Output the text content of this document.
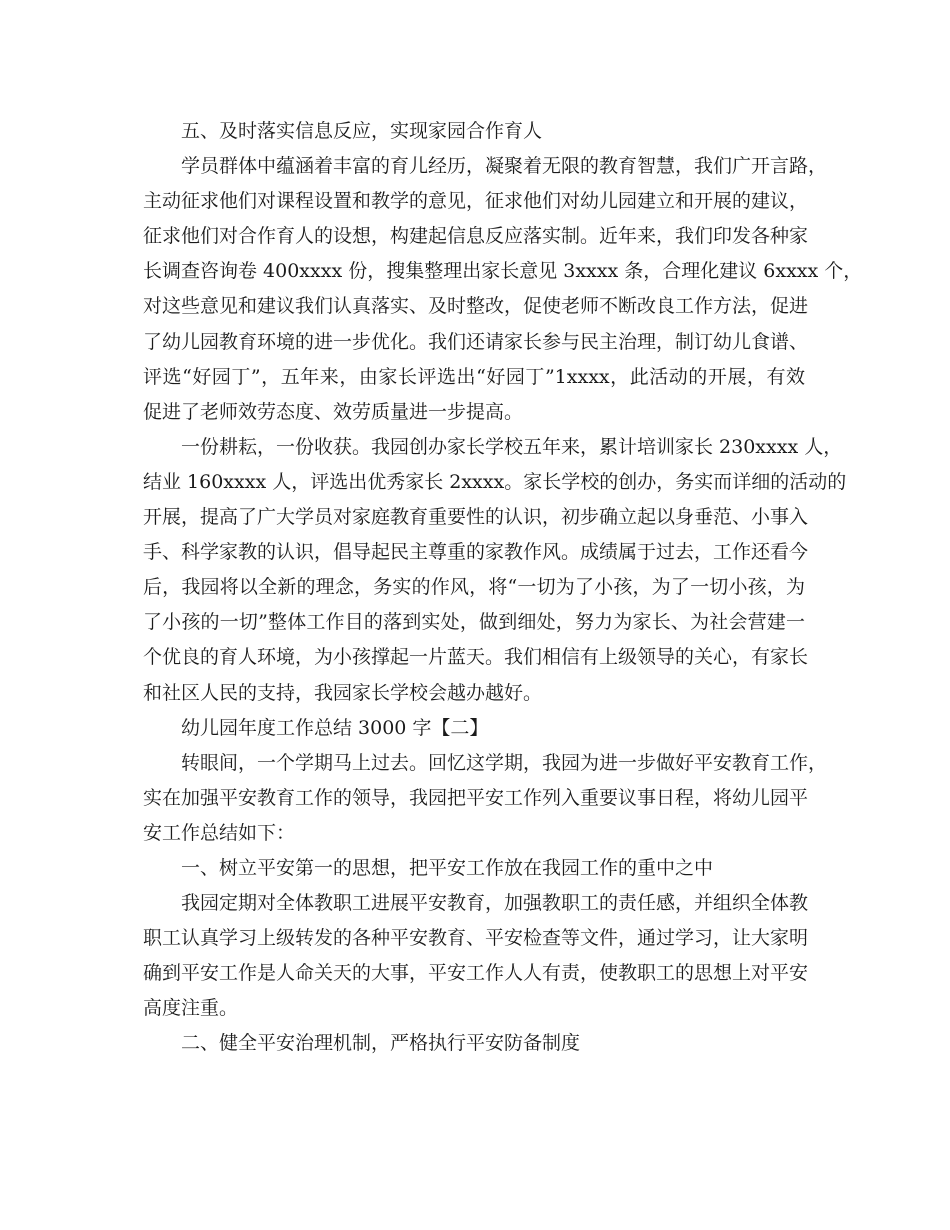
五、及时落实信息反应，实现家园合作育人
学员群体中蕴涵着丰富的育儿经历，凝聚着无限的教育智慧，我们广开言路，
主动征求他们对课程设置和教学的意见，征求他们对幼儿园建立和开展的建议，
征求他们对合作育人的设想，构建起信息反应落实制。近年来，我们印发各种家
长调查咨询卷 400xxxx 份，搜集整理出家长意见 3xxxx 条，合理化建议 6xxxx 个，
对这些意见和建议我们认真落实、及时整改，促使老师不断改良工作方法，促进
了幼儿园教育环境的进一步优化。我们还请家长参与民主治理，制订幼儿食谱、
评选“好园丁”，五年来，由家长评选出“好园丁”1xxxx，此活动的开展，有效
促进了老师效劳态度、效劳质量进一步提高。
一份耕耘，一份收获。我园创办家长学校五年来，累计培训家长 230xxxx 人，
结业 160xxxx 人，评选出优秀家长 2xxxx。家长学校的创办，务实而详细的活动的
开展，提高了广大学员对家庭教育重要性的认识，初步确立起以身垂范、小事入
手、科学家教的认识，倡导起民主尊重的家教作风。成绩属于过去，工作还看今
后，我园将以全新的理念，务实的作风，将“一切为了小孩，为了一切小孩，为
了小孩的一切”整体工作目的落到实处，做到细处，努力为家长、为社会营建一
个优良的育人环境，为小孩撑起一片蓝天。我们相信有上级领导的关心，有家长
和社区人民的支持，我园家长学校会越办越好。
幼儿园年度工作总结 3000 字【二】
转眼间，一个学期马上过去。回忆这学期，我园为进一步做好平安教育工作，
实在加强平安教育工作的领导，我园把平安工作列入重要议事日程，将幼儿园平
安工作总结如下：
一、树立平安第一的思想，把平安工作放在我园工作的重中之中
我园定期对全体教职工进展平安教育，加强教职工的责任感，并组织全体教
职工认真学习上级转发的各种平安教育、平安检查等文件，通过学习，让大家明
确到平安工作是人命关天的大事，平安工作人人有责，使教职工的思想上对平安
高度注重。
二、健全平安治理机制，严格执行平安防备制度
